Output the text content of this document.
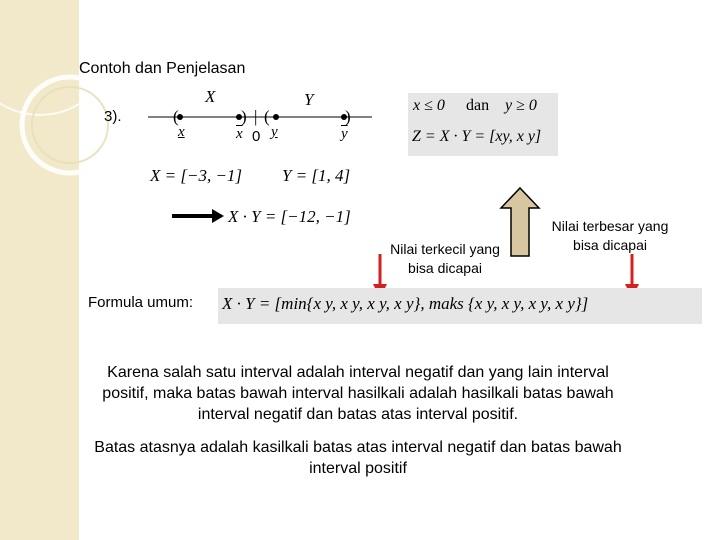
Contoh dan Penjelasan
3).	(	) | (	)
X	Y
x	$\overline{x}$ 0 y	$\overline{y}$
X = [−3, −1] Y = [1, 4]
X · Y = [−12, −1]
x ≤ 0 dan y ≥ 0
Z = X · Y = [xy, x y]
Nilai terkecil yang bisa dicapai
Nilai terbesar yang bisa dicapai
Formula umum: X · Y = [min{x y, x y, x y, x y}, maks {x y, x y, x y, x y}]
Karena salah satu interval adalah interval negatif dan yang lain interval positif, maka batas bawah interval hasilkali adalah hasilkali batas bawah interval negatif dan batas atas interval positif.
Batas atasnya adalah kasilkali batas atas interval negatif dan batas bawah interval positif
